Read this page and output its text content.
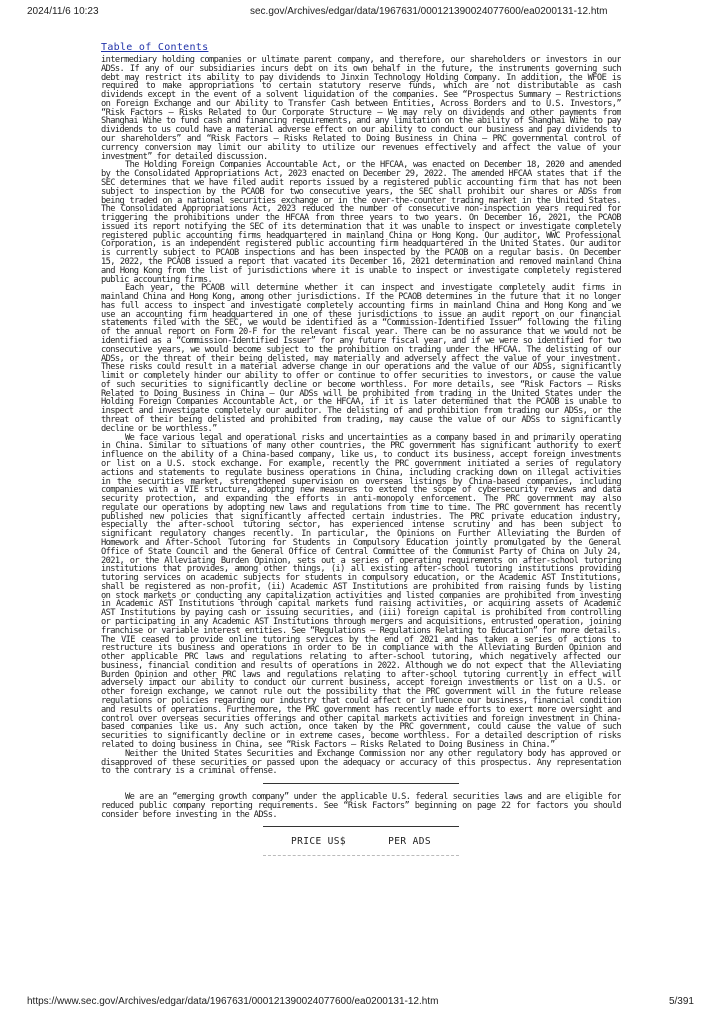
2024/11/6 10:23	sec.gov/Archives/edgar/data/1967631/000121390024077600/ea0200131-12.htm
Table of Contents

intermediary holding companies or ultimate parent company, and therefore, our shareholders or investors in our ADSs. If any of our subsidiaries incurs debt on its own behalf in the future, the instruments governing such debt may restrict its ability to pay dividends to Jinxin Technology Holding Company. In addition, the WFOE is required to make appropriations to certain statutory reserve funds, which are not distributable as cash dividends except in the event of a solvent liquidation of the companies. See “Prospectus Summary — Restrictions on Foreign Exchange and our Ability to Transfer Cash between Entities, Across Borders and to U.S. Investors,” “Risk Factors — Risks Related to Our Corporate Structure — We may rely on dividends and other payments from Shanghai Wihe to fund cash and financing requirements, and any limitation on the ability of Shanghai Wihe to pay dividends to us could have a material adverse effect on our ability to conduct our business and pay dividends to our shareholders” and “Risk Factors — Risks Related to Doing Business in China — PRC governmental control of currency conversion may limit our ability to utilize our revenues effectively and affect the value of your investment” for detailed discussion.

The Holding Foreign Companies Accountable Act, or the HFCAA, was enacted on December 18, 2020 and amended by the Consolidated Appropriations Act, 2023 enacted on December 29, 2022. The amended HFCAA states that if the SEC determines that we have filed audit reports issued by a registered public accounting firm that has not been subject to inspection by the PCAOB for two consecutive years, the SEC shall prohibit our shares or ADSs from being traded on a national securities exchange or in the over-the-counter trading market in the United States. The Consolidated Appropriations Act, 2023 reduced the number of consecutive non-inspection years required for triggering the prohibitions under the HFCAA from three years to two years. On December 16, 2021, the PCAOB issued its report notifying the SEC of its determination that it was unable to inspect or investigate completely registered public accounting firms headquartered in mainland China or Hong Kong. Our auditor, WWC Professional Corporation, is an independent registered public accounting firm headquartered in the United States. Our auditor is currently subject to PCAOB inspections and has been inspected by the PCAOB on a regular basis. On December 15, 2022, the PCAOB issued a report that vacated its December 16, 2021 determination and removed mainland China and Hong Kong from the list of jurisdictions where it is unable to inspect or investigate completely registered public accounting firms.

Each year, the PCAOB will determine whether it can inspect and investigate completely audit firms in mainland China and Hong Kong, among other jurisdictions. If the PCAOB determines in the future that it no longer has full access to inspect and investigate completely accounting firms in mainland China and Hong Kong and we use an accounting firm headquartered in one of these jurisdictions to issue an audit report on our financial statements filed with the SEC, we would be identified as a “Commission-Identified Issuer” following the filing of the annual report on Form 20-F for the relevant fiscal year. There can be no assurance that we would not be identified as a “Commission-Identified Issuer” for any future fiscal year, and if we were so identified for two consecutive years, we would become subject to the prohibition on trading under the HFCAA. The delisting of our ADSs, or the threat of their being delisted, may materially and adversely affect the value of your investment. These risks could result in a material adverse change in our operations and the value of our ADSs, significantly limit or completely hinder our ability to offer or continue to offer securities to investors, or cause the value of such securities to significantly decline or become worthless. For more details, see “Risk Factors — Risks Related to Doing Business in China — Our ADSs will be prohibited from trading in the United States under the Holding Foreign Companies Accountable Act, or the HFCAA, if it is later determined that the PCAOB is unable to inspect and investigate completely our auditor. The delisting of and prohibition from trading our ADSs, or the threat of their being delisted and prohibited from trading, may cause the value of our ADSs to significantly decline or be worthless.”

We face various legal and operational risks and uncertainties as a company based in and primarily operating in China. Similar to situations of many other countries, the PRC government has significant authority to exert influence on the ability of a China-based company, like us, to conduct its business, accept foreign investments or list on a U.S. stock exchange. For example, recently the PRC government initiated a series of regulatory actions and statements to regulate business operations in China, including cracking down on illegal activities in the securities market, strengthened supervision on overseas listings by China-based companies, including companies with a VIE structure, adopting new measures to extend the scope of cybersecurity reviews and data security protection, and expanding the efforts in anti-monopoly enforcement. The PRC government may also regulate our operations by adopting new laws and regulations from time to time. The PRC government has recently published new policies that significantly affected certain industries. The PRC private education industry, especially the after-school tutoring sector, has experienced intense scrutiny and has been subject to significant regulatory changes recently. In particular, the Opinions on Further Alleviating the Burden of Homework and After-School Tutoring for Students in Compulsory Education jointly promulgated by the General Office of State Council and the General Office of Central Committee of the Communist Party of China on July 24, 2021, or the Alleviating Burden Opinion, sets out a series of operating requirements on after-school tutoring institutions that provides, among other things, (i) all existing after-school tutoring institutions providing tutoring services on academic subjects for students in compulsory education, or the Academic AST Institutions, shall be registered as non-profit, (ii) Academic AST Institutions are prohibited from raising funds by listing on stock markets or conducting any capitalization activities and listed companies are prohibited from investing in Academic AST Institutions through capital markets fund raising activities, or acquiring assets of Academic AST Institutions by paying cash or issuing securities, and (iii) foreign capital is prohibited from controlling or participating in any Academic AST Institutions through mergers and acquisitions, entrusted operation, joining franchise or variable interest entities. See “Regulations — Regulations Relating to Education” for more details. The VIE ceased to provide online tutoring services by the end of 2021 and has taken a series of actions to restructure its business and operations in order to be in compliance with the Alleviating Burden Opinion and other applicable PRC laws and regulations relating to after-school tutoring, which negatively affected our business, financial condition and results of operations in 2022. Although we do not expect that the Alleviating Burden Opinion and other PRC laws and regulations relating to after-school tutoring currently in effect will adversely impact our ability to conduct our current business, accept foreign investments or list on a U.S. or other foreign exchange, we cannot rule out the possibility that the PRC government will in the future release regulations or policies regarding our industry that could affect or influence our business, financial condition and results of operations. Furthermore, the PRC government has recently made efforts to exert more oversight and control over overseas securities offerings and other capital markets activities and foreign investment in China-based companies like us. Any such action, once taken by the PRC government, could cause the value of such securities to significantly decline or in extreme cases, become worthless. For a detailed description of risks related to doing business in China, see “Risk Factors — Risks Related to Doing Business in China.”

Neither the United States Securities and Exchange Commission nor any other regulatory body has approved or disapproved of these securities or passed upon the adequacy or accuracy of this prospectus. Any representation to the contrary is a criminal offense.

We are an “emerging growth company” under the applicable U.S. federal securities laws and are eligible for reduced public company reporting requirements. See “Risk Factors” beginning on page 22 for factors you should consider before investing in the ADSs.

PRICE US$	PER ADS
https://www.sec.gov/Archives/edgar/data/1967631/000121390024077600/ea0200131-12.htm	5/391
